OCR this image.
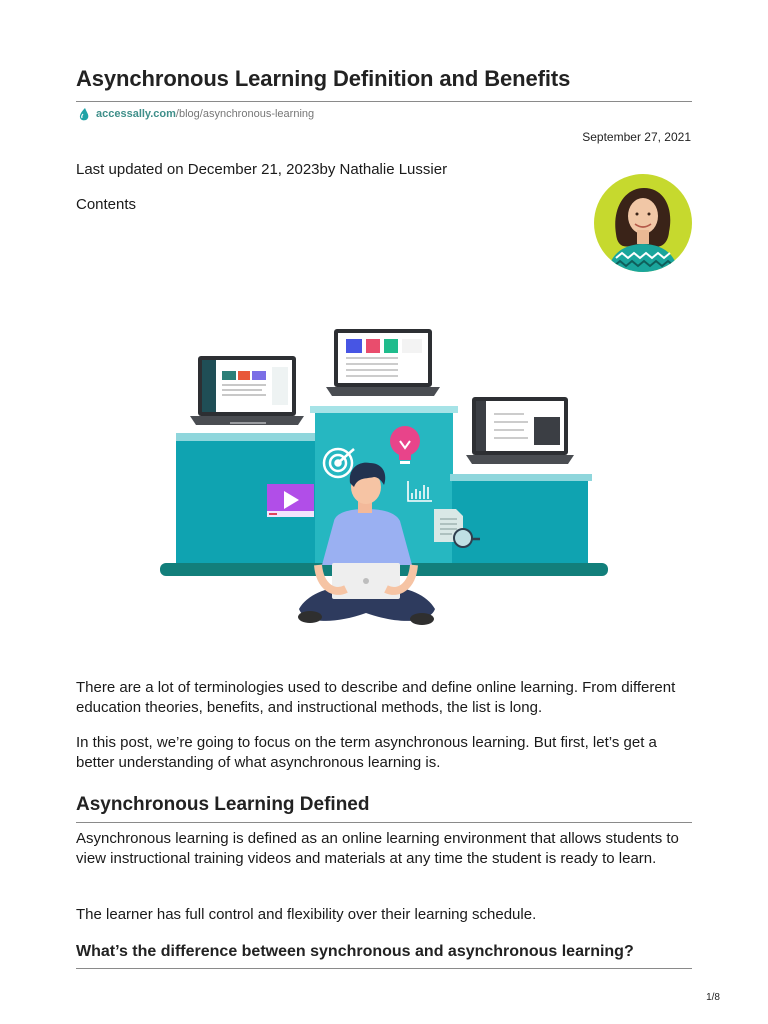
Asynchronous Learning Definition and Benefits
accessally.com /blog/asynchronous-learning
September 27, 2021
Last updated on December 21, 2023by Nathalie Lussier
Contents

There are a lot of terminologies used to describe and define online learning. From different education theories, benefits, and instructional methods, the list is long.

In this post, we’re going to focus on the term asynchronous learning. But first, let’s get a better understanding of what asynchronous learning is.

Asynchronous Learning Defined

Asynchronous learning is defined as an online learning environment that allows students to view instructional training videos and materials at any time the student is ready to learn.

The learner has full control and flexibility over their learning schedule.

What’s the difference between synchronous and asynchronous learning?
1/8
